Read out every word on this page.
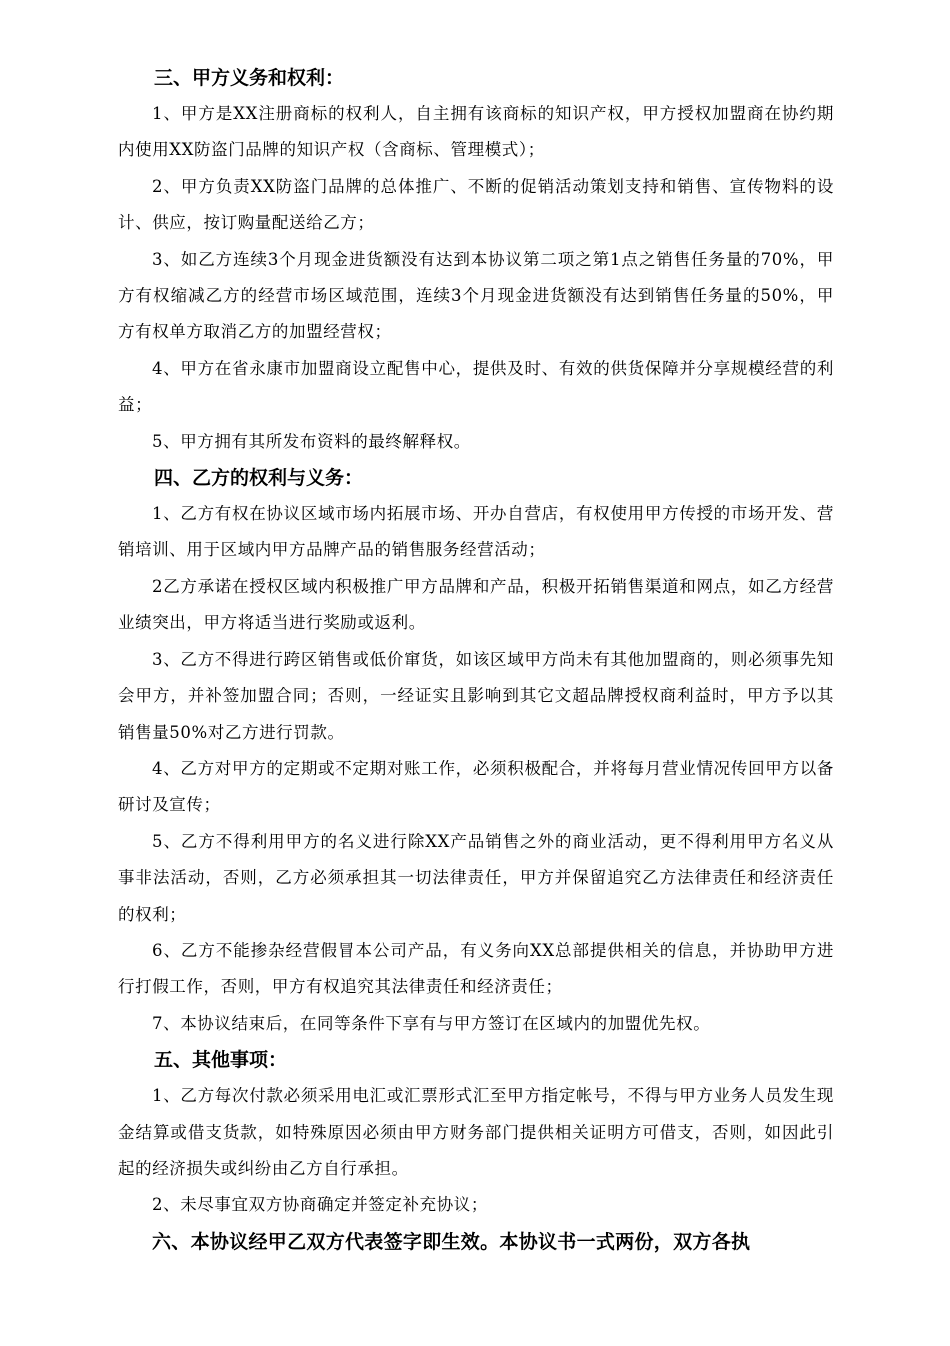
三、甲方义务和权利：

1、甲方是XX注册商标的权利人，自主拥有该商标的知识产权，甲方授权加盟商在协约期内使用XX防盗门品牌的知识产权（含商标、管理模式）；

2、甲方负责XX防盗门品牌的总体推广、不断的促销活动策划支持和销售、宣传物料的设计、供应，按订购量配送给乙方；

3、如乙方连续3个月现金进货额没有达到本协议第二项之第1点之销售任务量的70%，甲方有权缩减乙方的经营市场区域范围，连续3个月现金进货额没有达到销售任务量的50%，甲方有权单方取消乙方的加盟经营权；

4、甲方在省永康市加盟商设立配售中心，提供及时、有效的供货保障并分享规模经营的利益；

5、甲方拥有其所发布资料的最终解释权。

四、乙方的权利与义务：

1、乙方有权在协议区域市场内拓展市场、开办自营店，有权使用甲方传授的市场开发、营销培训、用于区域内甲方品牌产品的销售服务经营活动；

2乙方承诺在授权区域内积极推广甲方品牌和产品，积极开拓销售渠道和网点，如乙方经营业绩突出，甲方将适当进行奖励或返利。

3、乙方不得进行跨区销售或低价窜货，如该区域甲方尚未有其他加盟商的，则必须事先知会甲方，并补签加盟合同；否则，一经证实且影响到其它文超品牌授权商利益时，甲方予以其销售量50%对乙方进行罚款。

4、乙方对甲方的定期或不定期对账工作，必须积极配合，并将每月营业情况传回甲方以备研讨及宣传；

5、乙方不得利用甲方的名义进行除XX产品销售之外的商业活动，更不得利用甲方名义从事非法活动，否则，乙方必须承担其一切法律责任，甲方并保留追究乙方法律责任和经济责任的权利；

6、乙方不能掺杂经营假冒本公司产品，有义务向XX总部提供相关的信息，并协助甲方进行打假工作，否则，甲方有权追究其法律责任和经济责任；

7、本协议结束后，在同等条件下享有与甲方签订在区域内的加盟优先权。

五、其他事项：

1、乙方每次付款必须采用电汇或汇票形式汇至甲方指定帐号，不得与甲方业务人员发生现金结算或借支货款，如特殊原因必须由甲方财务部门提供相关证明方可借支，否则，如因此引起的经济损失或纠纷由乙方自行承担。

2、未尽事宜双方协商确定并签定补充协议；

六、本协议经甲乙双方代表签字即生效。本协议书一式两份，双方各执
